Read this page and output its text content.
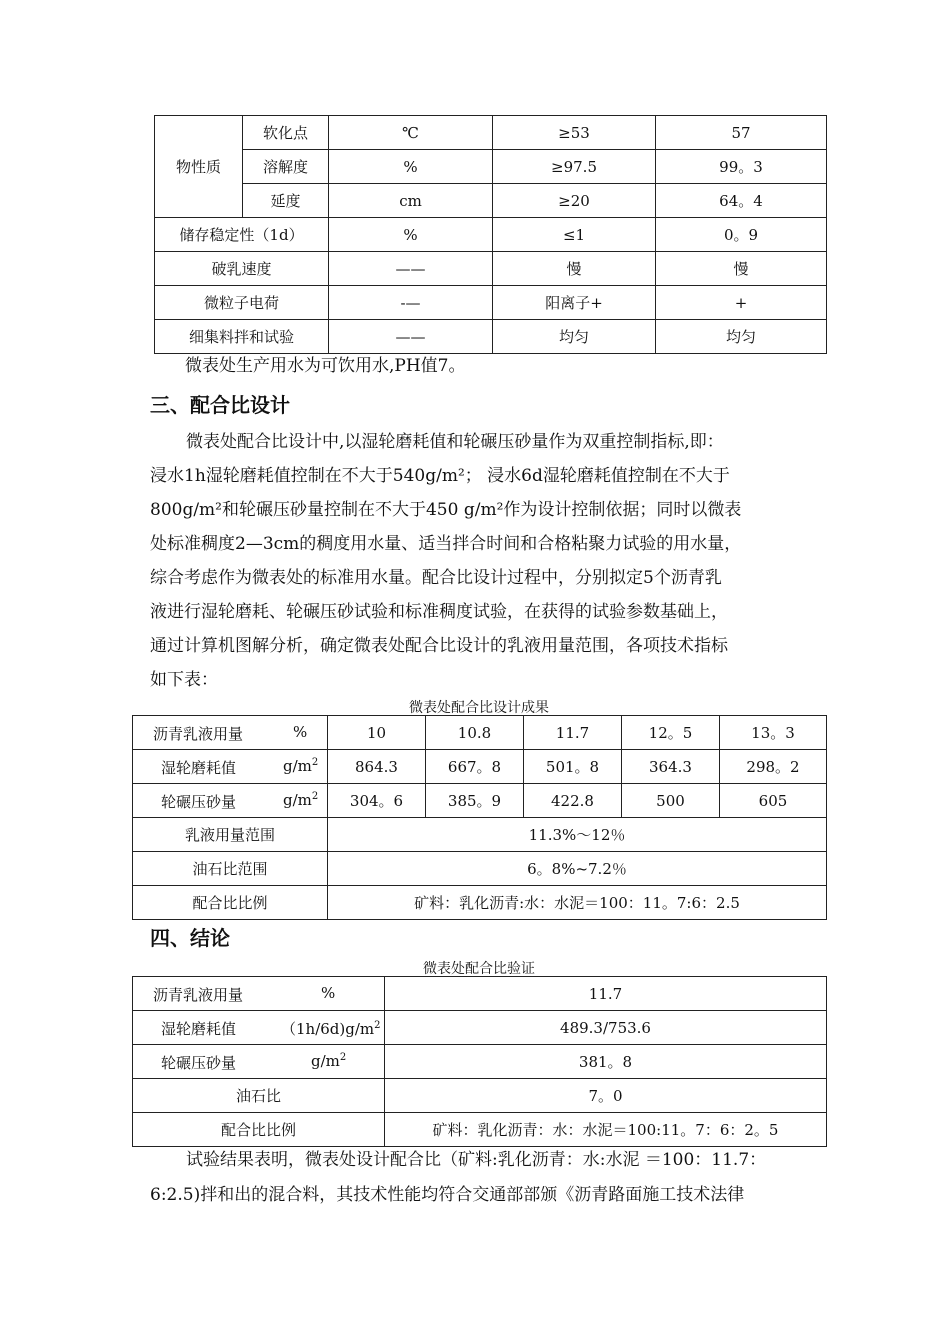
物性质	软化点	℃	≥53	57
	溶解度	%	≥97.5	99。3
	延度	cm	≥20	64。4
储存稳定性（1d）		%	≤1	0。9
破乳速度		——	慢	慢
微粒子电荷		-—	阳离子+	+
细集料拌和试验		——	均匀	均匀
微表处生产用水为可饮用水,PH值7。
三、配合比设计
微表处配合比设计中,以湿轮磨耗值和轮碾压砂量作为双重控制指标,即：
浸水1h湿轮磨耗值控制在不大于540g/m²； 浸水6d湿轮磨耗值控制在不大于
800g/m²和轮碾压砂量控制在不大于450 g/m²作为设计控制依据；同时以微表
处标准稠度2—3cm的稠度用水量、适当拌合时间和合格粘聚力试验的用水量，
综合考虑作为微表处的标准用水量。配合比设计过程中，分别拟定5个沥青乳
液进行湿轮磨耗、轮碾压砂试验和标准稠度试验，在获得的试验参数基础上，
通过计算机图解分析，确定微表处配合比设计的乳液用量范围，各项技术指标
如下表：
微表处配合比设计成果
沥青乳液用量 %	10	10.8	11.7	12。5	13。3

湿轮磨耗值 $g/m^2$	864.3	667。8	501。8	364.3	298。2

轮碾压砂量 $g/m^2$	304。6	385。9	422.8	500	605
乳液用量范围	11.3%～12％				
油石比范围	6。8%~7.2％				
配合比比例	矿料：乳化沥青:水：水泥＝100：11。7:6：2.5				
四、结论
微表处配合比验证
沥青乳液用量 %	11.7

湿轮磨耗值 $(1h/6d)g/m^2$	489.3/753.6

轮碾压砂量 $g/m^2$	381。8
油石比	7。0
配合比比例	矿料：乳化沥青：水：水泥＝100:11。7：6：2。5
试验结果表明，微表处设计配合比（矿料:乳化沥青：水:水泥 ＝100：11.7：
6:2.5)拌和出的混合料，其技术性能均符合交通部部颁《沥青路面施工技术法律
